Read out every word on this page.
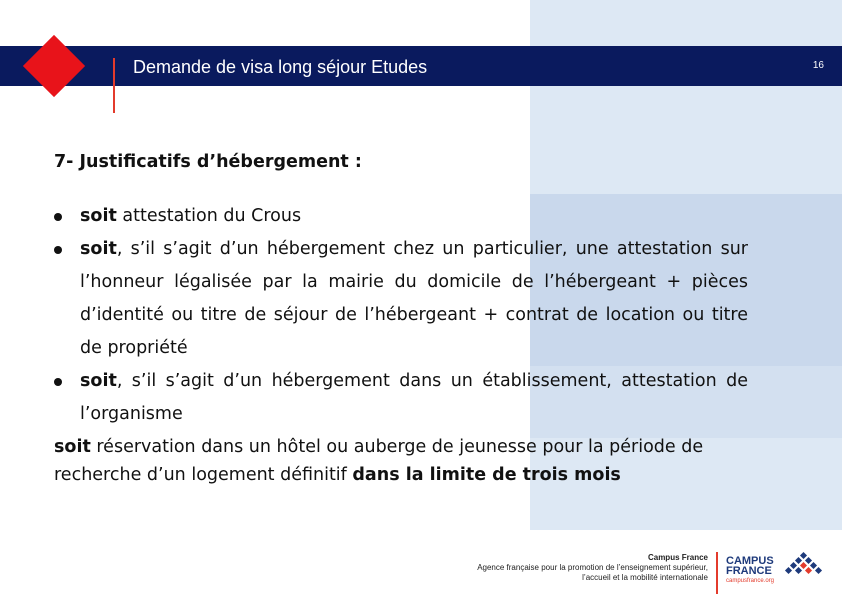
Demande de visa long séjour Etudes	16
7- Justificatifs d’hébergement :
soit attestation du Crous
soit, s’il s’agit d’un hébergement chez un particulier, une attestation sur l’honneur légalisée par la mairie du domicile de l’hébergeant + pièces d’identité ou titre de séjour de l’hébergeant + contrat de location ou titre de propriété
soit, s’il s’agit d’un hébergement dans un établissement, attestation de l’organisme
soit réservation dans un hôtel ou auberge de jeunesse pour la période de recherche d’un logement définitif dans la limite de trois mois
Campus France
Agence française pour la promotion de l’enseignement supérieur,
l’accueil et la mobilité internationale
CAMPUS
FRANCE
campusfrance.org
